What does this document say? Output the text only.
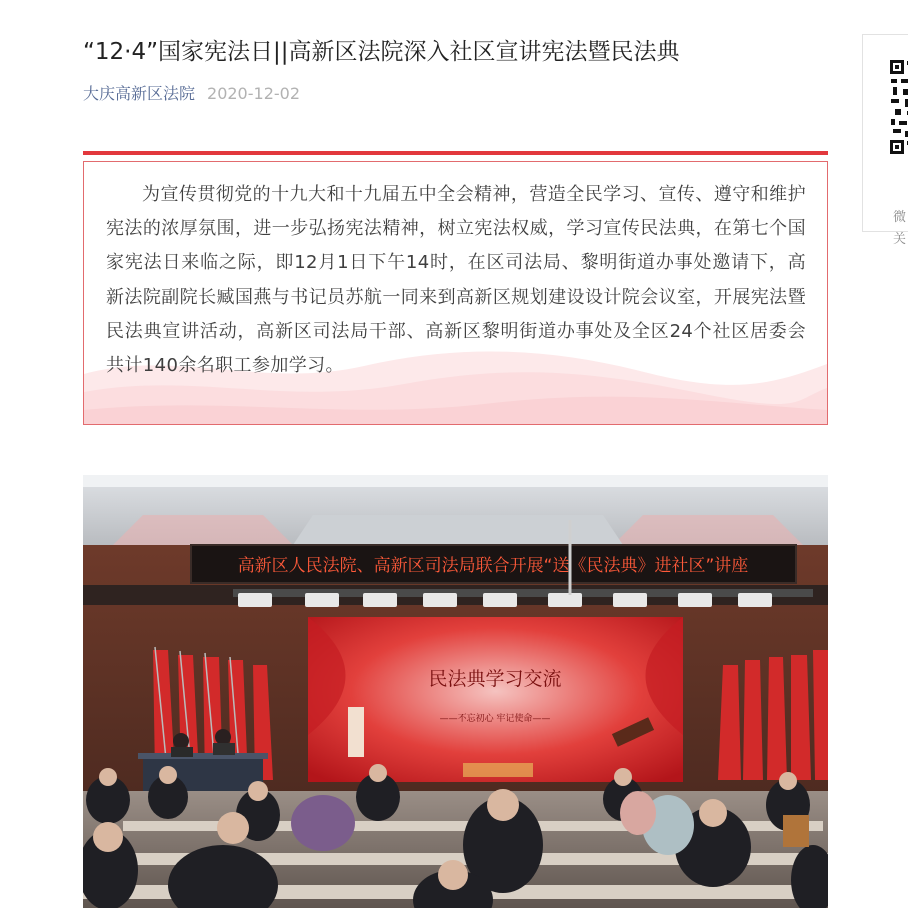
“12·4”国家宪法日||高新区法院深入社区宣讲宪法暨民法典
大庆高新区法院 2020-12-02

为宣传贯彻党的十九大和十九届五中全会精神，营造全民学习、宣传、遵守和维护宪法的浓厚氛围，进一步弘扬宪法精神，树立宪法权威，学习宣传民法典，在第七个国家宪法日来临之际，即12月1日下午14时，在区司法局、黎明街道办事处邀请下，高新法院副院长臧国燕与书记员苏航一同来到高新区规划建设设计院会议室，开展宪法暨民法典宣讲活动，高新区司法局干部、高新区黎明街道办事处及全区24个社区居委会共计140余名职工参加学习。

高新区人民法院、高新区司法局联合开展“送《民法典》进社区”讲座
民法典学习交流
——不忘初心 牢记使命——
微
关
